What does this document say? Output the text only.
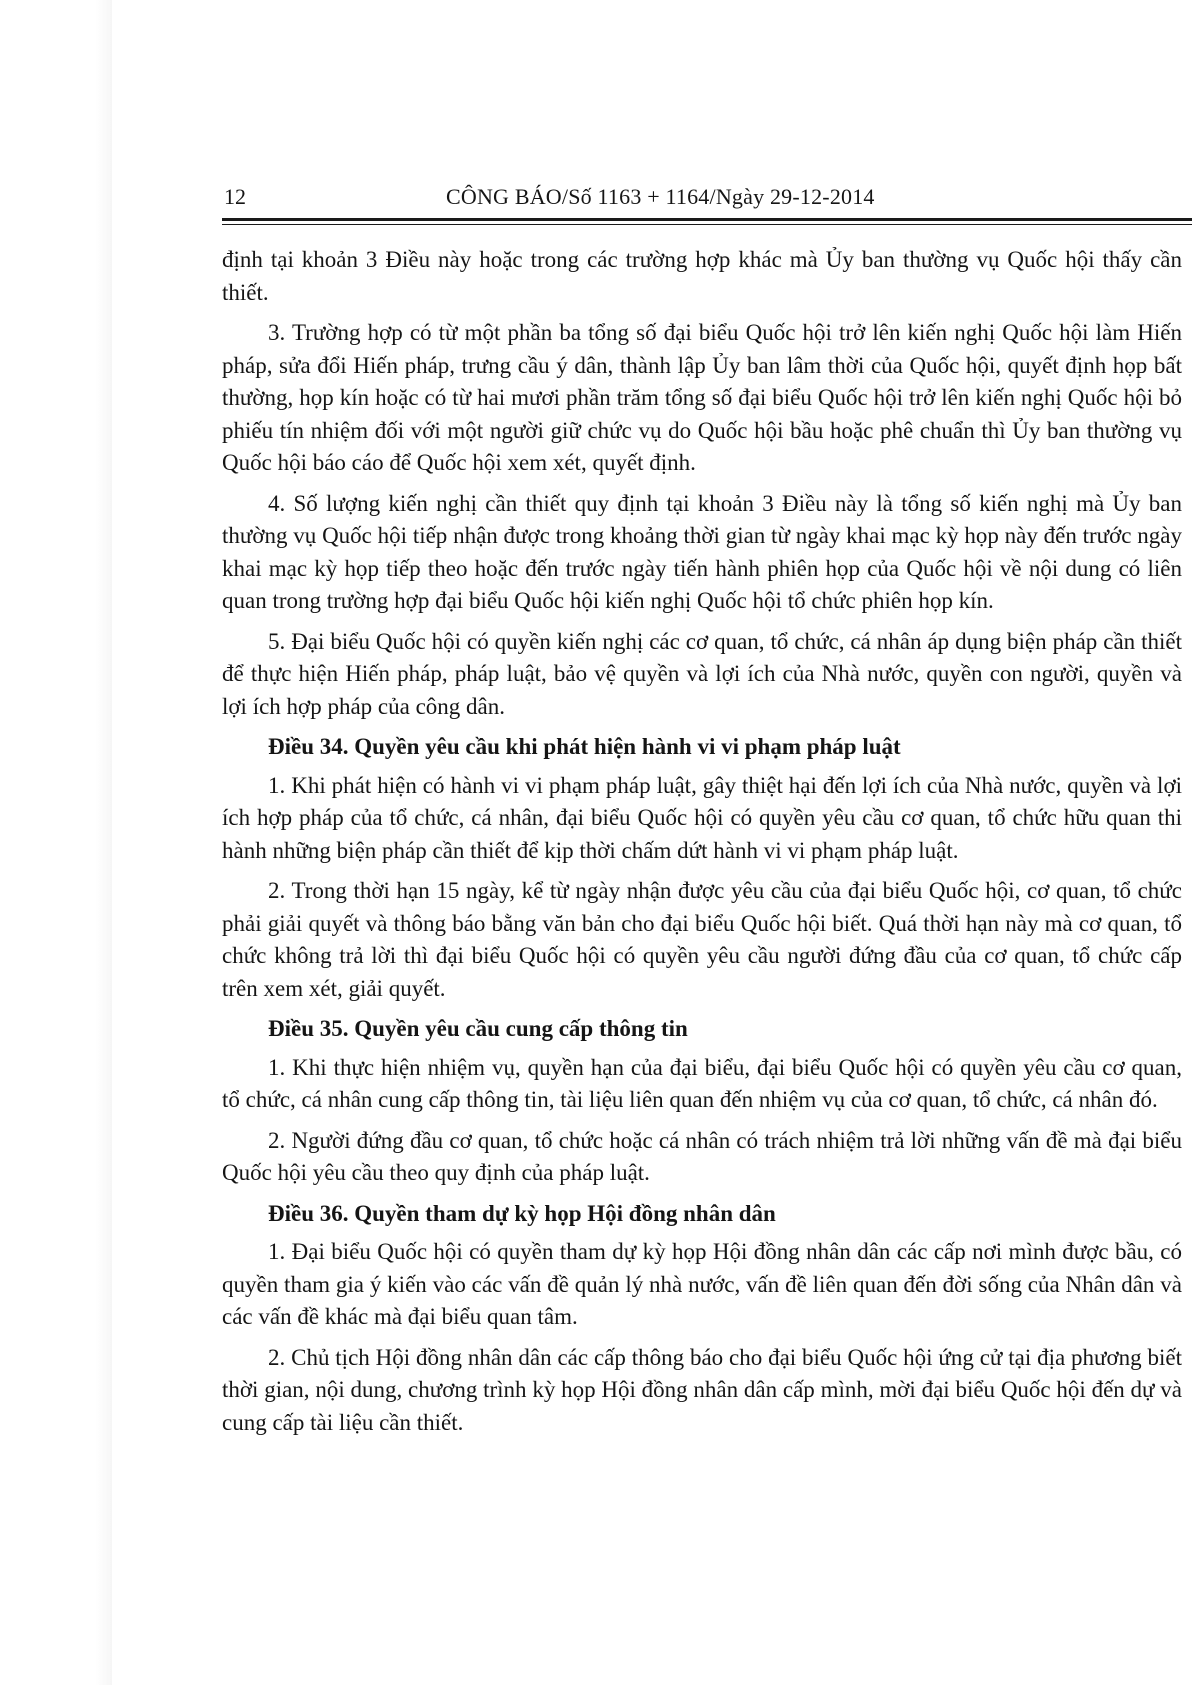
12	CÔNG BÁO/Số 1163 + 1164/Ngày 29-12-2014

định tại khoản 3 Điều này hoặc trong các trường hợp khác mà Ủy ban thường vụ Quốc hội thấy cần thiết.

3. Trường hợp có từ một phần ba tổng số đại biểu Quốc hội trở lên kiến nghị Quốc hội làm Hiến pháp, sửa đổi Hiến pháp, trưng cầu ý dân, thành lập Ủy ban lâm thời của Quốc hội, quyết định họp bất thường, họp kín hoặc có từ hai mươi phần trăm tổng số đại biểu Quốc hội trở lên kiến nghị Quốc hội bỏ phiếu tín nhiệm đối với một người giữ chức vụ do Quốc hội bầu hoặc phê chuẩn thì Ủy ban thường vụ Quốc hội báo cáo để Quốc hội xem xét, quyết định.

4. Số lượng kiến nghị cần thiết quy định tại khoản 3 Điều này là tổng số kiến nghị mà Ủy ban thường vụ Quốc hội tiếp nhận được trong khoảng thời gian từ ngày khai mạc kỳ họp này đến trước ngày khai mạc kỳ họp tiếp theo hoặc đến trước ngày tiến hành phiên họp của Quốc hội về nội dung có liên quan trong trường hợp đại biểu Quốc hội kiến nghị Quốc hội tổ chức phiên họp kín.

5. Đại biểu Quốc hội có quyền kiến nghị các cơ quan, tổ chức, cá nhân áp dụng biện pháp cần thiết để thực hiện Hiến pháp, pháp luật, bảo vệ quyền và lợi ích của Nhà nước, quyền con người, quyền và lợi ích hợp pháp của công dân.

Điều 34. Quyền yêu cầu khi phát hiện hành vi vi phạm pháp luật

1. Khi phát hiện có hành vi vi phạm pháp luật, gây thiệt hại đến lợi ích của Nhà nước, quyền và lợi ích hợp pháp của tổ chức, cá nhân, đại biểu Quốc hội có quyền yêu cầu cơ quan, tổ chức hữu quan thi hành những biện pháp cần thiết để kịp thời chấm dứt hành vi vi phạm pháp luật.

2. Trong thời hạn 15 ngày, kể từ ngày nhận được yêu cầu của đại biểu Quốc hội, cơ quan, tổ chức phải giải quyết và thông báo bằng văn bản cho đại biểu Quốc hội biết. Quá thời hạn này mà cơ quan, tổ chức không trả lời thì đại biểu Quốc hội có quyền yêu cầu người đứng đầu của cơ quan, tổ chức cấp trên xem xét, giải quyết.

Điều 35. Quyền yêu cầu cung cấp thông tin

1. Khi thực hiện nhiệm vụ, quyền hạn của đại biểu, đại biểu Quốc hội có quyền yêu cầu cơ quan, tổ chức, cá nhân cung cấp thông tin, tài liệu liên quan đến nhiệm vụ của cơ quan, tổ chức, cá nhân đó.

2. Người đứng đầu cơ quan, tổ chức hoặc cá nhân có trách nhiệm trả lời những vấn đề mà đại biểu Quốc hội yêu cầu theo quy định của pháp luật.

Điều 36. Quyền tham dự kỳ họp Hội đồng nhân dân

1. Đại biểu Quốc hội có quyền tham dự kỳ họp Hội đồng nhân dân các cấp nơi mình được bầu, có quyền tham gia ý kiến vào các vấn đề quản lý nhà nước, vấn đề liên quan đến đời sống của Nhân dân và các vấn đề khác mà đại biểu quan tâm.

2. Chủ tịch Hội đồng nhân dân các cấp thông báo cho đại biểu Quốc hội ứng cử tại địa phương biết thời gian, nội dung, chương trình kỳ họp Hội đồng nhân dân cấp mình, mời đại biểu Quốc hội đến dự và cung cấp tài liệu cần thiết.
